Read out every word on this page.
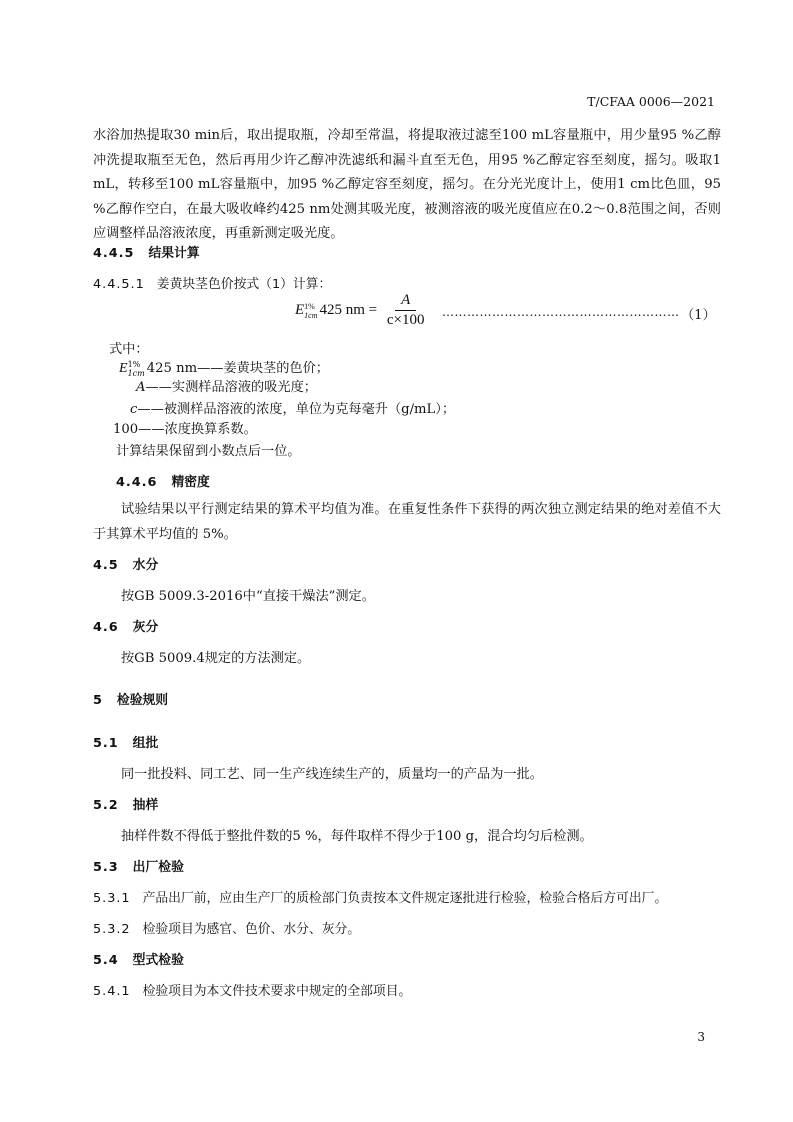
T/CFAA 0006—2021
水浴加热提取30 min后，取出提取瓶，冷却至常温，将提取液过滤至100 mL容量瓶中，用少量95 %乙醇冲洗提取瓶至无色，然后再用少许乙醇冲洗滤纸和漏斗直至无色，用95 %乙醇定容至刻度，摇匀。吸取1 mL，转移至100 mL容量瓶中，加95 %乙醇定容至刻度，摇匀。在分光光度计上，使用1 cm比色皿，95 %乙醇作空白，在最大吸收峰约425 nm处测其吸光度，被测溶液的吸光度值应在0.2～0.8范围之间，否则应调整样品溶液浓度，再重新测定吸光度。
4.4.5 结果计算
4.4.5.1 姜黄块茎色价按式（1）计算：
E1%
1cm 425 nm = $\frac{A}{c\times 100}$ ………………………………………………… （1）
式中：
E1%
1cm 425 nm——姜黄块茎的色价；
A——实测样品溶液的吸光度；
c——被测样品溶液的浓度，单位为克每毫升（g/mL）；
100——浓度换算系数。
计算结果保留到小数点后一位。
4.4.6 精密度
试验结果以平行测定结果的算术平均值为准。在重复性条件下获得的两次独立测定结果的绝对差值不大于其算术平均值的 5%。
4.5 水分
按GB 5009.3-2016中“直接干燥法”测定。
4.6 灰分
按GB 5009.4规定的方法测定。
5 检验规则
5.1 组批
同一批投料、同工艺、同一生产线连续生产的，质量均一的产品为一批。
5.2 抽样
抽样件数不得低于整批件数的5 %，每件取样不得少于100 g，混合均匀后检测。
5.3 出厂检验
5.3.1 产品出厂前，应由生产厂的质检部门负责按本文件规定逐批进行检验，检验合格后方可出厂。
5.3.2 检验项目为感官、色价、水分、灰分。
5.4 型式检验
5.4.1 检验项目为本文件技术要求中规定的全部项目。
3
